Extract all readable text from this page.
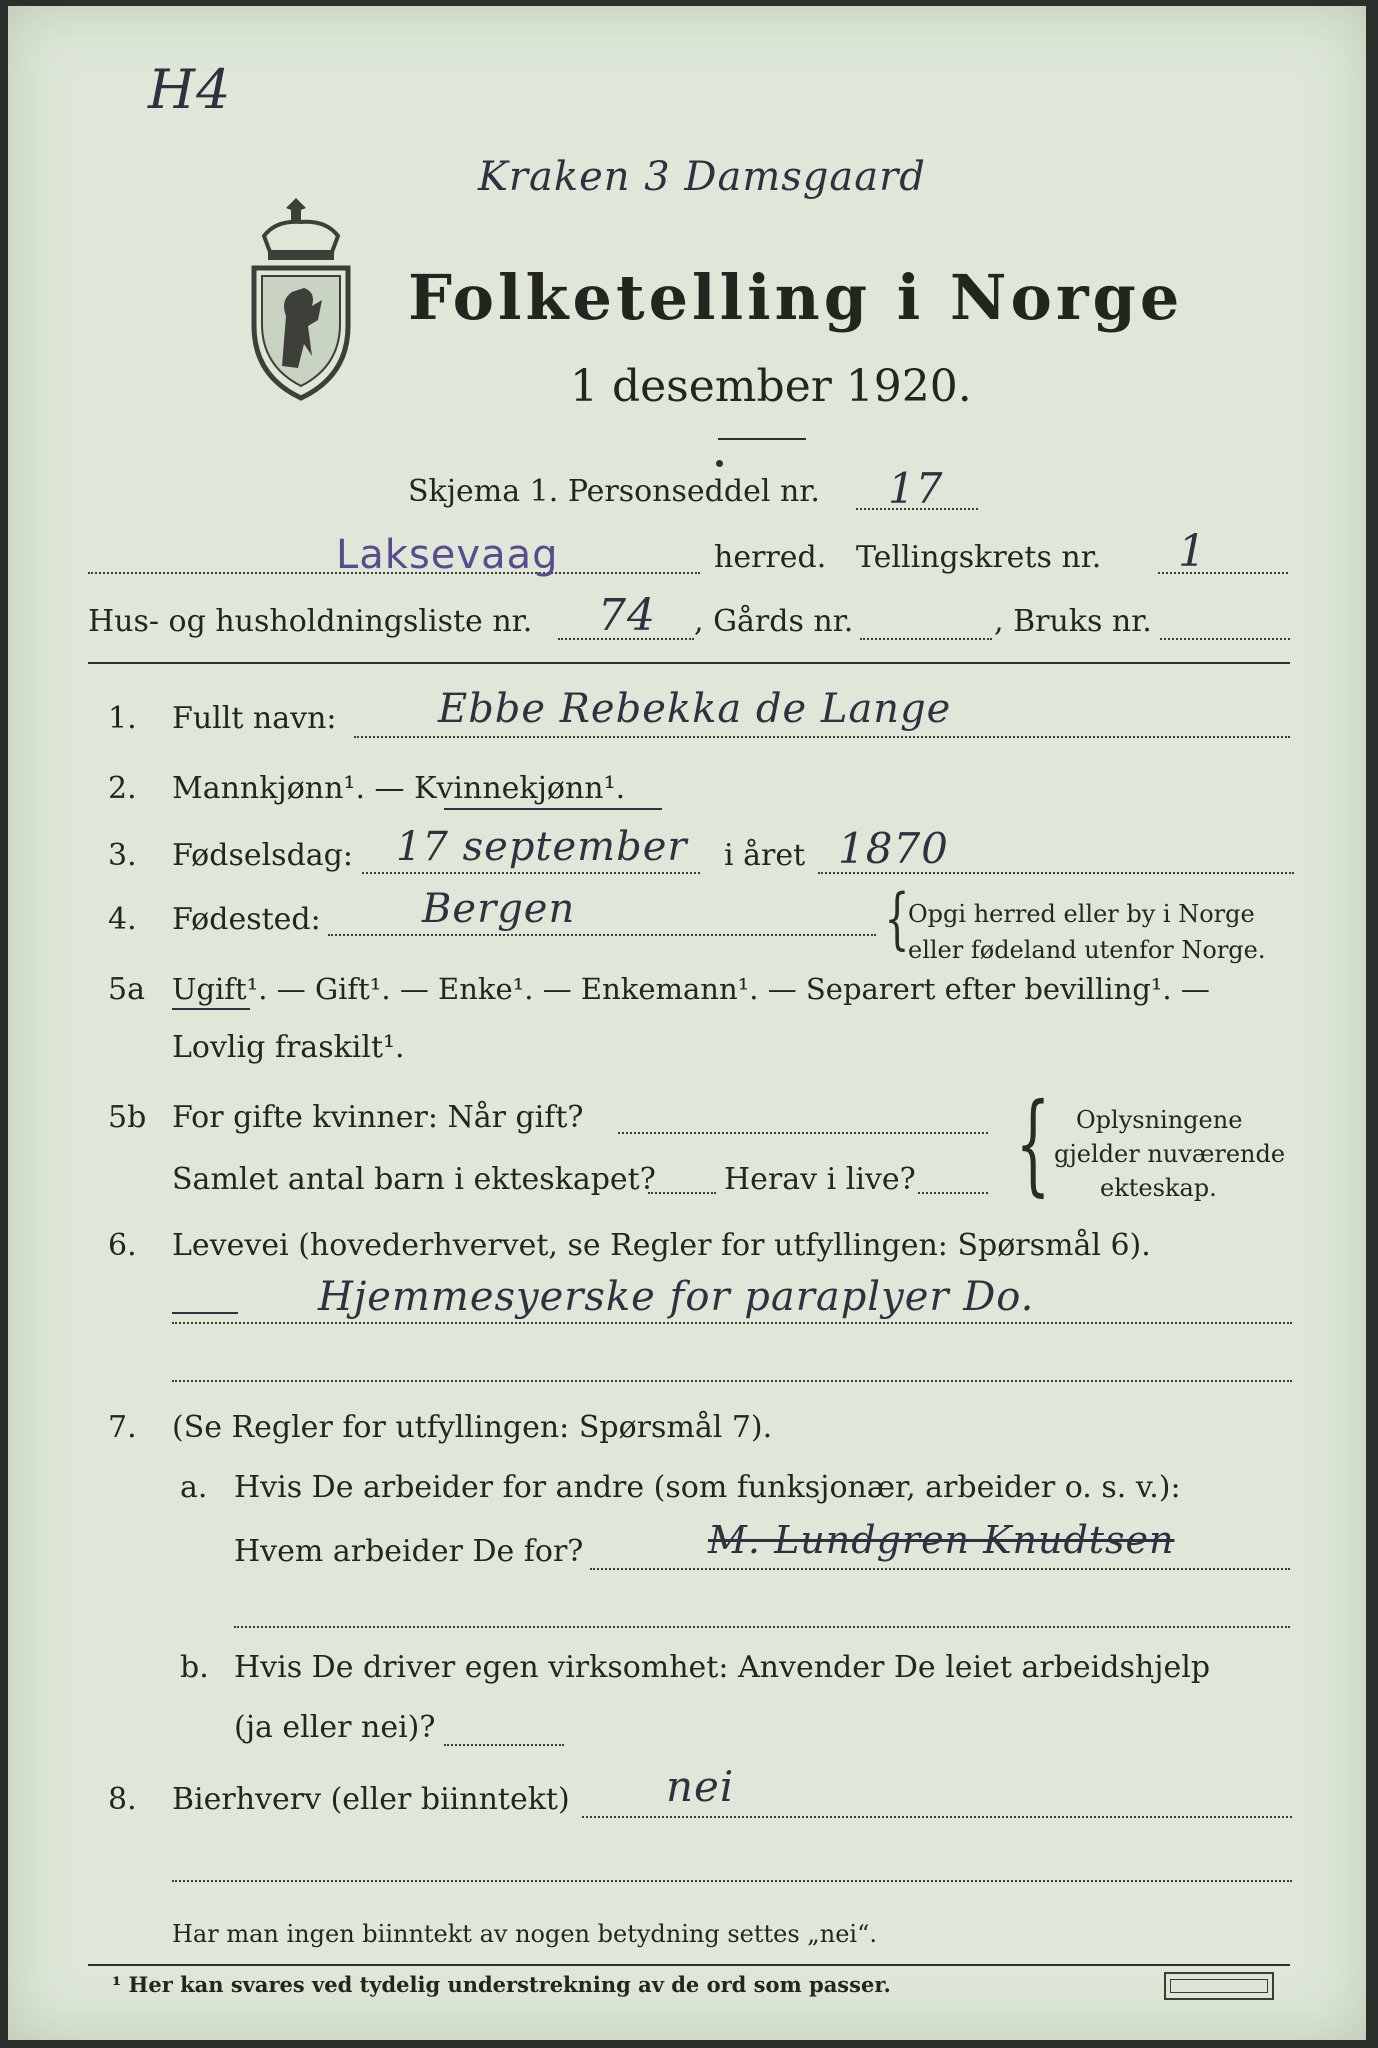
H4
Kraken 3 Damsgaard
Folketelling i Norge
1 desember 1920.
Skjema 1. Personseddel nr. 17
Laksevaag	herred. Tellingskrets nr. 1
Hus- og husholdningsliste nr. 74 , Gårds nr.	, Bruks nr.
1. Fullt navn:	Ebbe Rebekka de Lange
2. Mannkjønn¹. — Kvinnekjønn¹.
3. Fødselsdag: 17 september i året 1870
4. Fødested:	Bergen	{
Opgi herred eller by i Norge
eller fødeland utenfor Norge.
5a Ugift¹. — Gift¹. — Enke¹. — Enkemann¹. — Separert efter bevilling¹. —
Lovlig fraskilt¹.
5b For gifte kvinner: Når gift?
Samlet antal barn i ekteskapet? Herav i live? { Oplysningene
gjelder nuværende
ekteskap.
6. Levevei (hovederhvervet, se Regler for utfyllingen: Spørsmål 6).
Hjemmesyerske for paraplyer Do.
7. (Se Regler for utfyllingen: Spørsmål 7).
a. Hvis De arbeider for andre (som funksjonær, arbeider o. s. v.):
Hvem arbeider De for?	M. Lundgren Knudtsen
b. Hvis De driver egen virksomhet: Anvender De leiet arbeidshjelp
(ja eller nei)?
8. Bierhverv (eller biinntekt) nei
Har man ingen biinntekt av nogen betydning settes „nei“.
¹ Her kan svares ved tydelig understrekning av de ord som passer.
